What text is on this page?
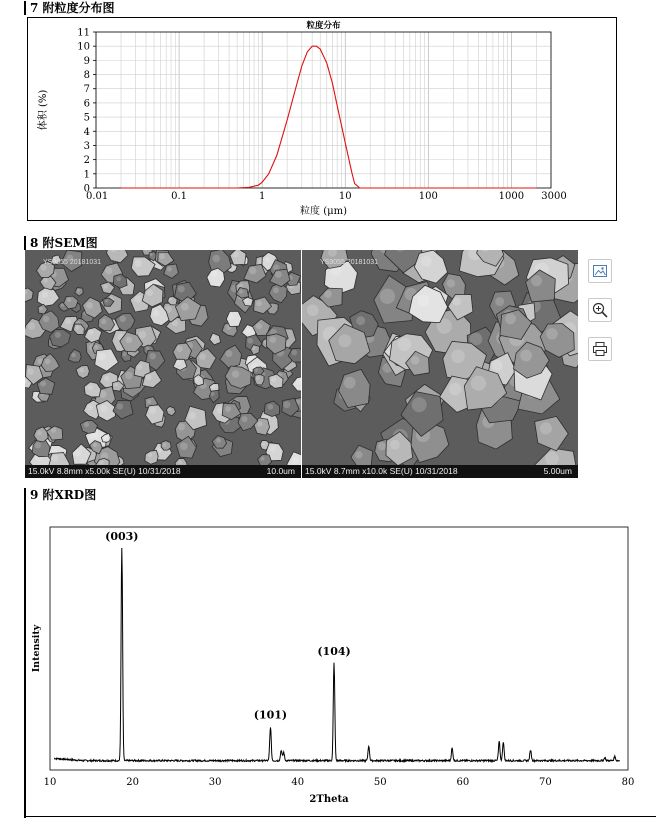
7 附粒度分布图
0
1
2
3
4
5
6
7
8
9
10
11
0.01	0.1	1	10	100	1000 3000
粒度分布
粒度 (μm)
体积 (%)
8 附SEM图
YS9055 20181031
15.0kV 8.8mm x5.00k SE(U) 10/31/2018	10.0um
YS9055 20181031
15.0kV 8.7mm x10.0k SE(U) 10/31/2018	5.00um
9 附XRD图
10	20	30	40	50	60	70	80
2Theta
Intensity
(003)
(101)
(104)
